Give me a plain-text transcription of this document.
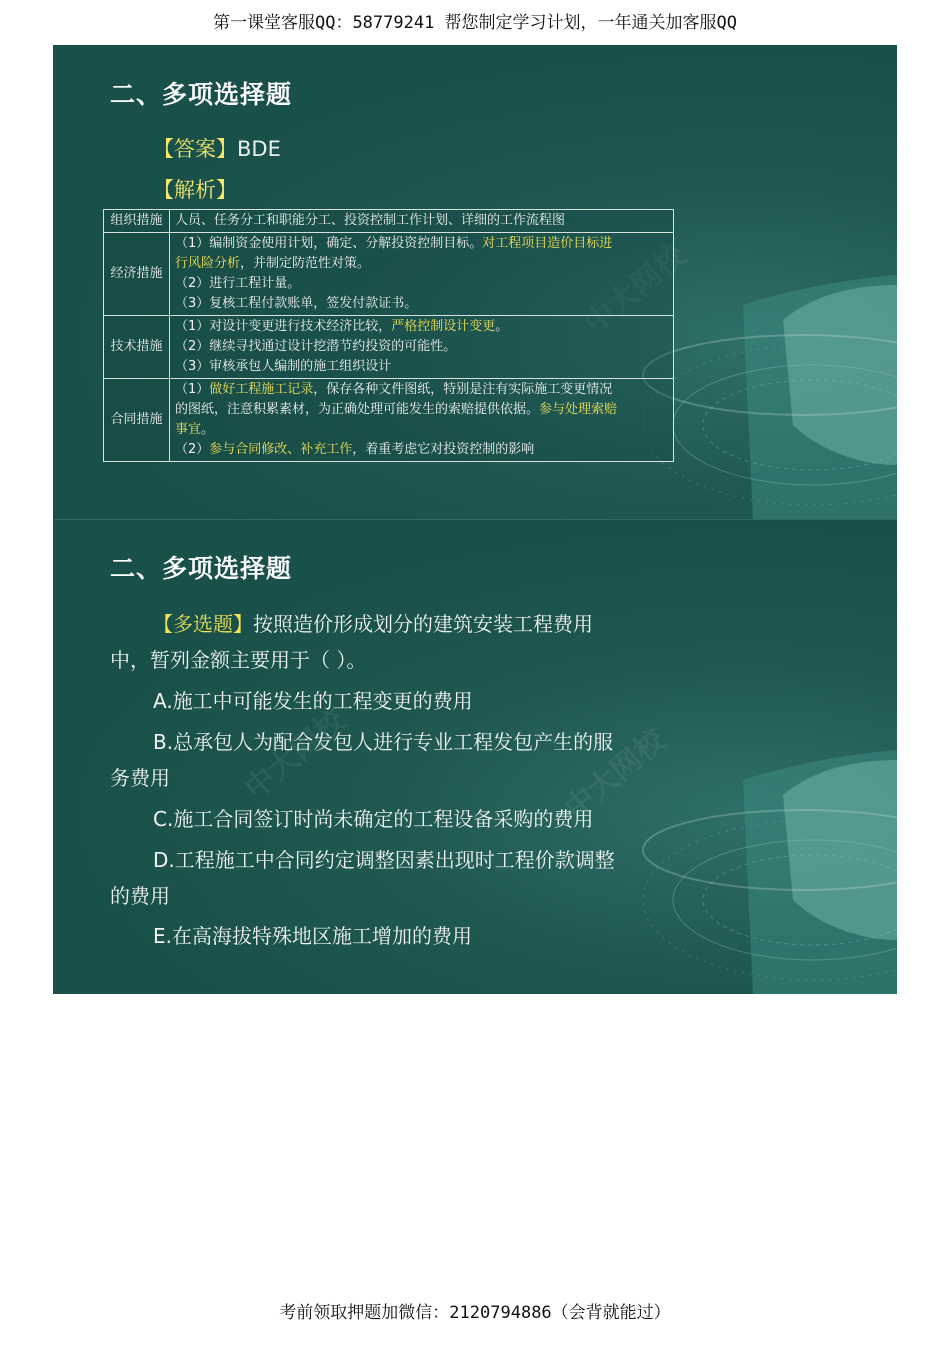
第一课堂客服QQ：58779241 帮您制定学习计划，一年通关加客服QQ
中大网校
二、多项选择题
【答案】BDE
【解析】
组织措施	人员、任务分工和职能分工、投资控制工作计划、详细的工作流程图

经济措施	（1）编制资金使用计划，确定、分解投资控制目标。对工程项目造价目标进
行风险分析，并制定防范性对策。
（2）进行工程计量。
（3）复核工程付款账单，签发付款证书。

技术措施	（1）对设计变更进行技术经济比较，严格控制设计变更。
（2）继续寻找通过设计挖潜节约投资的可能性。
（3）审核承包人编制的施工组织设计

合同措施	（1）做好工程施工记录，保存各种文件图纸，特别是注有实际施工变更情况
的图纸，注意积累素材，为正确处理可能发生的索赔提供依据。参与处理索赔
事宜。
（2）参与合同修改、补充工作，着重考虑它对投资控制的影响
中大网校	中大网校
二、多项选择题
【多选题】按照造价形成划分的建筑安装工程费用
中，暂列金额主要用于（ ）。
A.施工中可能发生的工程变更的费用
B.总承包人为配合发包人进行专业工程发包产生的服
务费用
C.施工合同签订时尚未确定的工程设备采购的费用
D.工程施工中合同约定调整因素出现时工程价款调整
的费用
E.在高海拔特殊地区施工增加的费用
考前领取押题加微信：2120794886（会背就能过）
